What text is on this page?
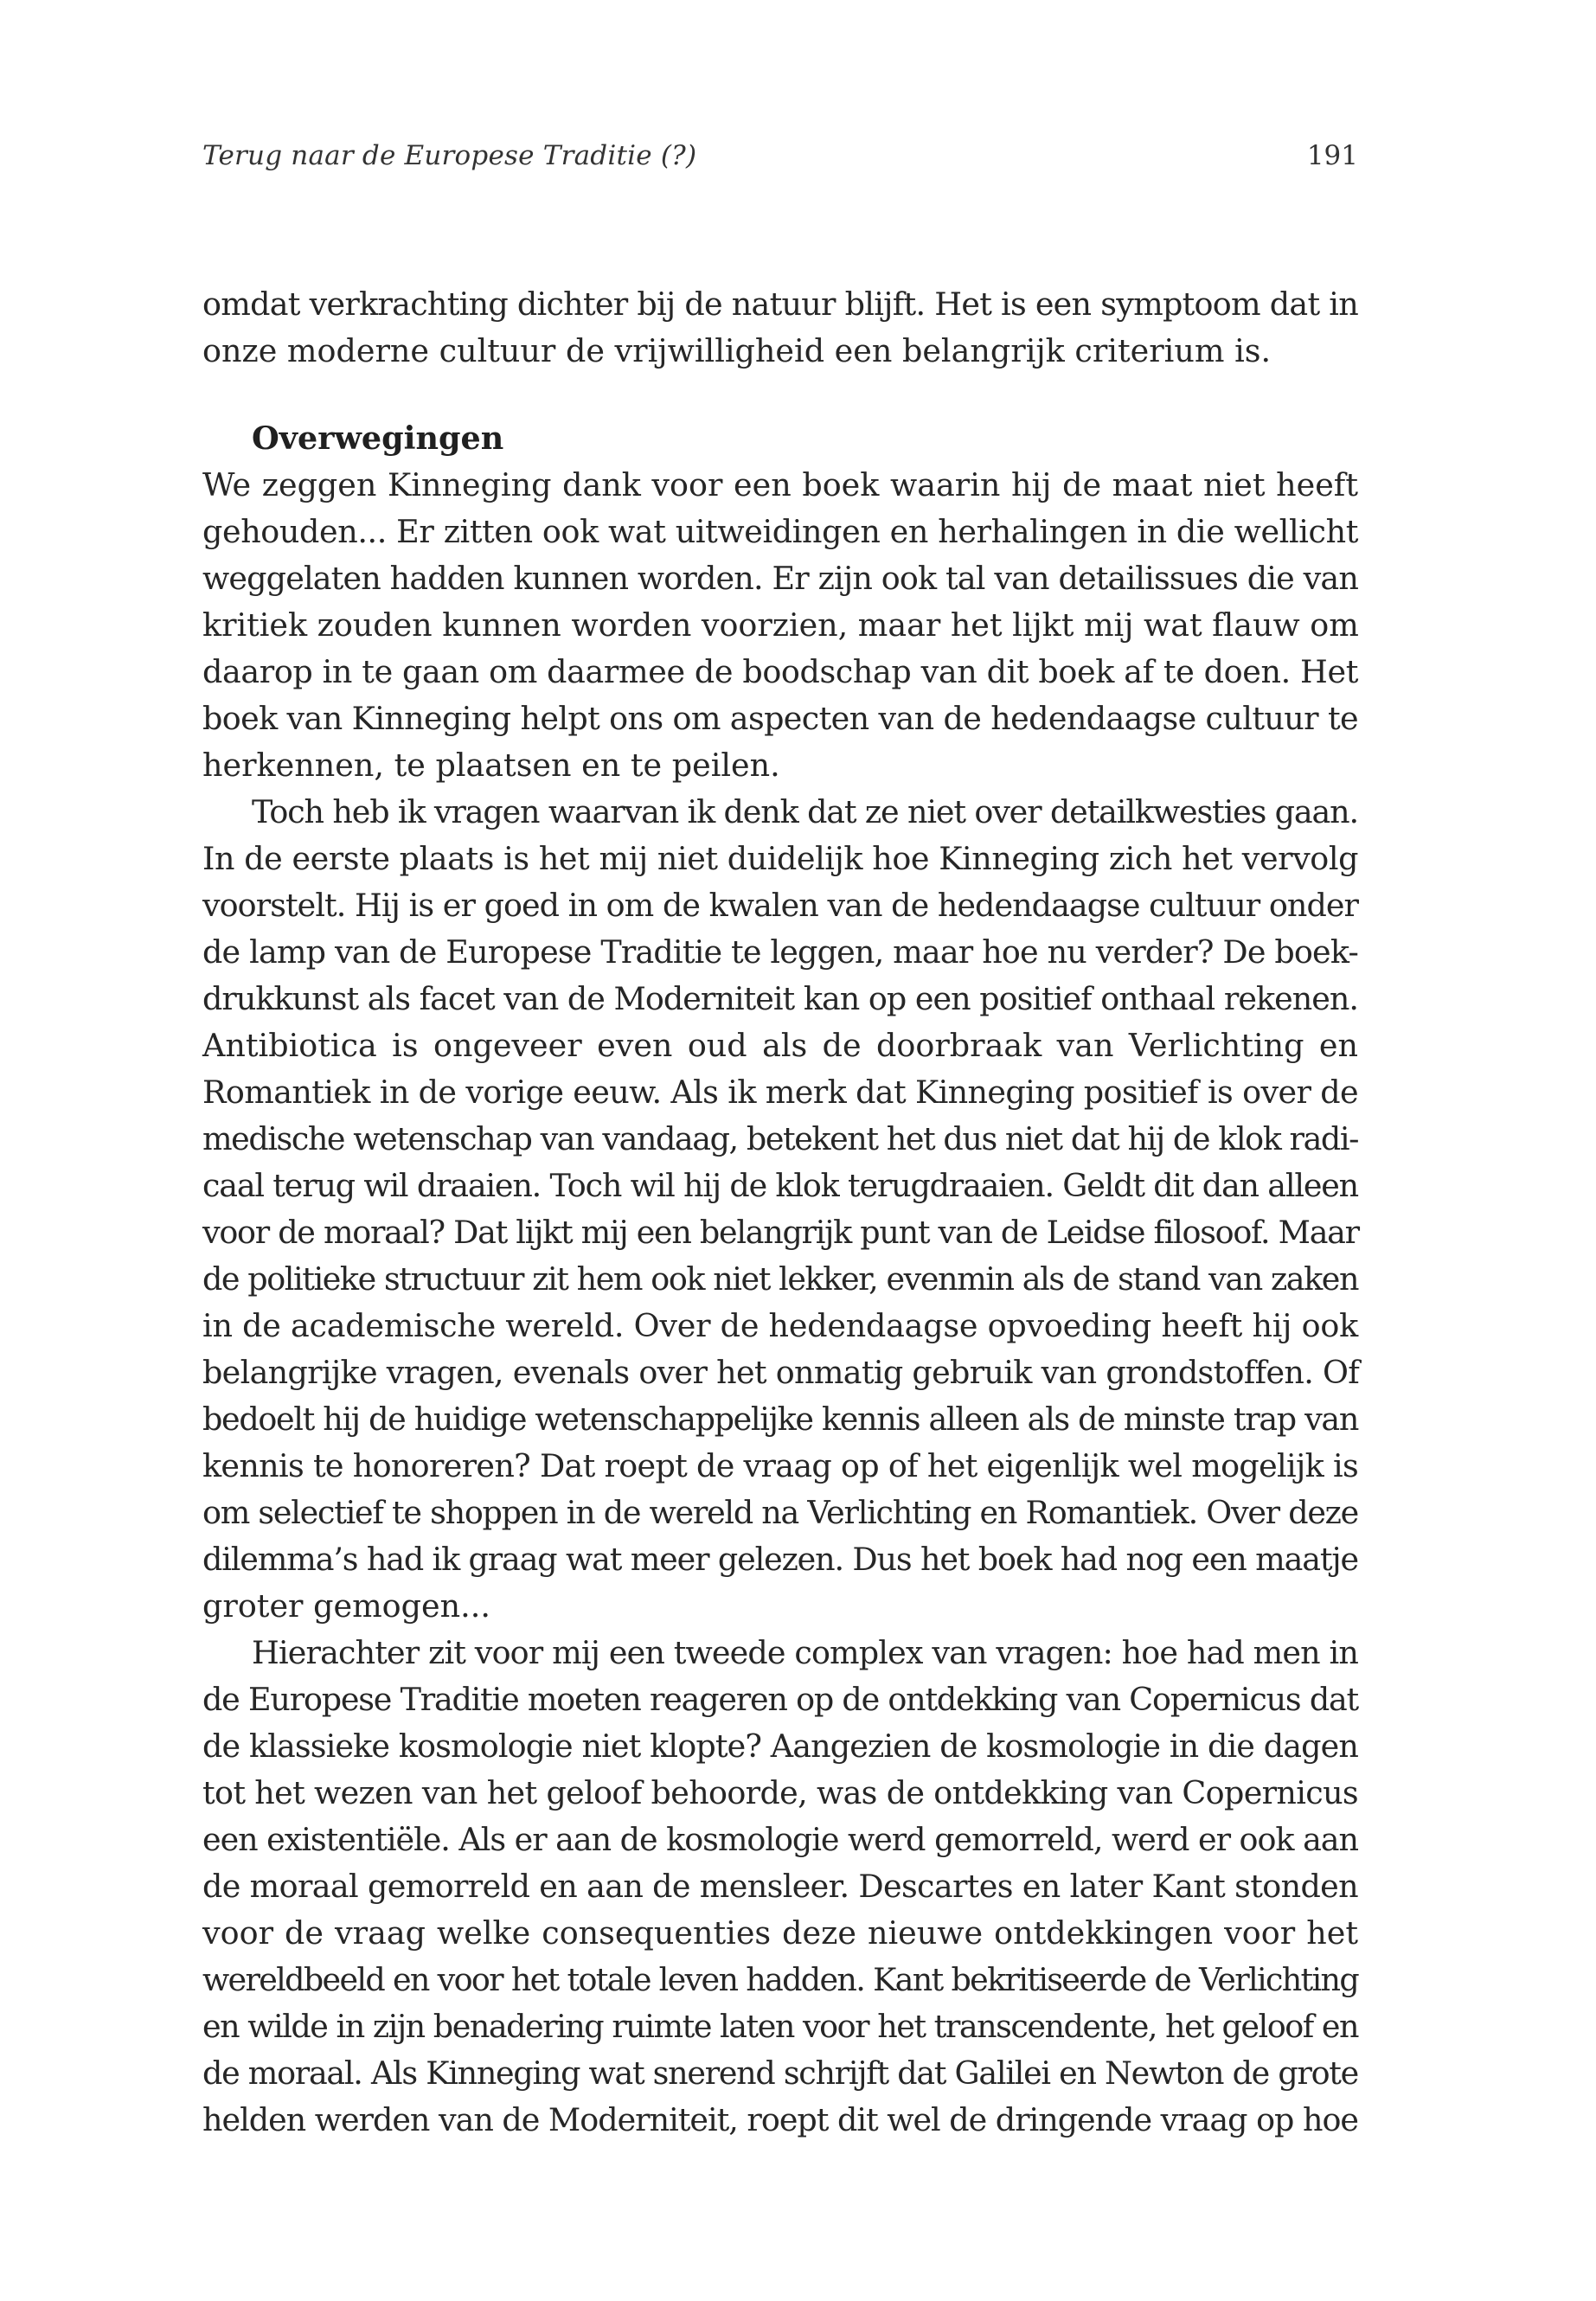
Terug naar de Europese Traditie (?)	191
omdat verkrachting dichter bij de natuur blijft. Het is een symptoom dat in
onze moderne cultuur de vrijwilligheid een belangrijk criterium is.
Overwegingen
We zeggen Kinneging dank voor een boek waarin hij de maat niet heeft
gehouden... Er zitten ook wat uitweidingen en herhalingen in die wellicht
weggelaten hadden kunnen worden. Er zijn ook tal van detailissues die van
kritiek zouden kunnen worden voorzien, maar het lijkt mij wat flauw om
daarop in te gaan om daarmee de boodschap van dit boek af te doen. Het
boek van Kinneging helpt ons om aspecten van de hedendaagse cultuur te
herkennen, te plaatsen en te peilen.
Toch heb ik vragen waarvan ik denk dat ze niet over detailkwesties gaan.
In de eerste plaats is het mij niet duidelijk hoe Kinneging zich het vervolg
voorstelt. Hij is er goed in om de kwalen van de hedendaagse cultuur onder
de lamp van de Europese Traditie te leggen, maar hoe nu verder? De boek-
drukkunst als facet van de Moderniteit kan op een positief onthaal rekenen.
Antibiotica is ongeveer even oud als de doorbraak van Verlichting en
Romantiek in de vorige eeuw. Als ik merk dat Kinneging positief is over de
medische wetenschap van vandaag, betekent het dus niet dat hij de klok radi-
caal terug wil draaien. Toch wil hij de klok terugdraaien. Geldt dit dan alleen
voor de moraal? Dat lijkt mij een belangrijk punt van de Leidse filosoof. Maar
de politieke structuur zit hem ook niet lekker, evenmin als de stand van zaken
in de academische wereld. Over de hedendaagse opvoeding heeft hij ook
belangrijke vragen, evenals over het onmatig gebruik van grondstoffen. Of
bedoelt hij de huidige wetenschappelijke kennis alleen als de minste trap van
kennis te honoreren? Dat roept de vraag op of het eigenlijk wel mogelijk is
om selectief te shoppen in de wereld na Verlichting en Romantiek. Over deze
dilemma’s had ik graag wat meer gelezen. Dus het boek had nog een maatje
groter gemogen...
Hierachter zit voor mij een tweede complex van vragen: hoe had men in
de Europese Traditie moeten reageren op de ontdekking van Copernicus dat
de klassieke kosmologie niet klopte? Aangezien de kosmologie in die dagen
tot het wezen van het geloof behoorde, was de ontdekking van Copernicus
een existentiële. Als er aan de kosmologie werd gemorreld, werd er ook aan
de moraal gemorreld en aan de mensleer. Descartes en later Kant stonden
voor de vraag welke consequenties deze nieuwe ontdekkingen voor het
wereldbeeld en voor het totale leven hadden. Kant bekritiseerde de Verlichting
en wilde in zijn benadering ruimte laten voor het transcendente, het geloof en
de moraal. Als Kinneging wat snerend schrijft dat Galilei en Newton de grote
helden werden van de Moderniteit, roept dit wel de dringende vraag op hoe
